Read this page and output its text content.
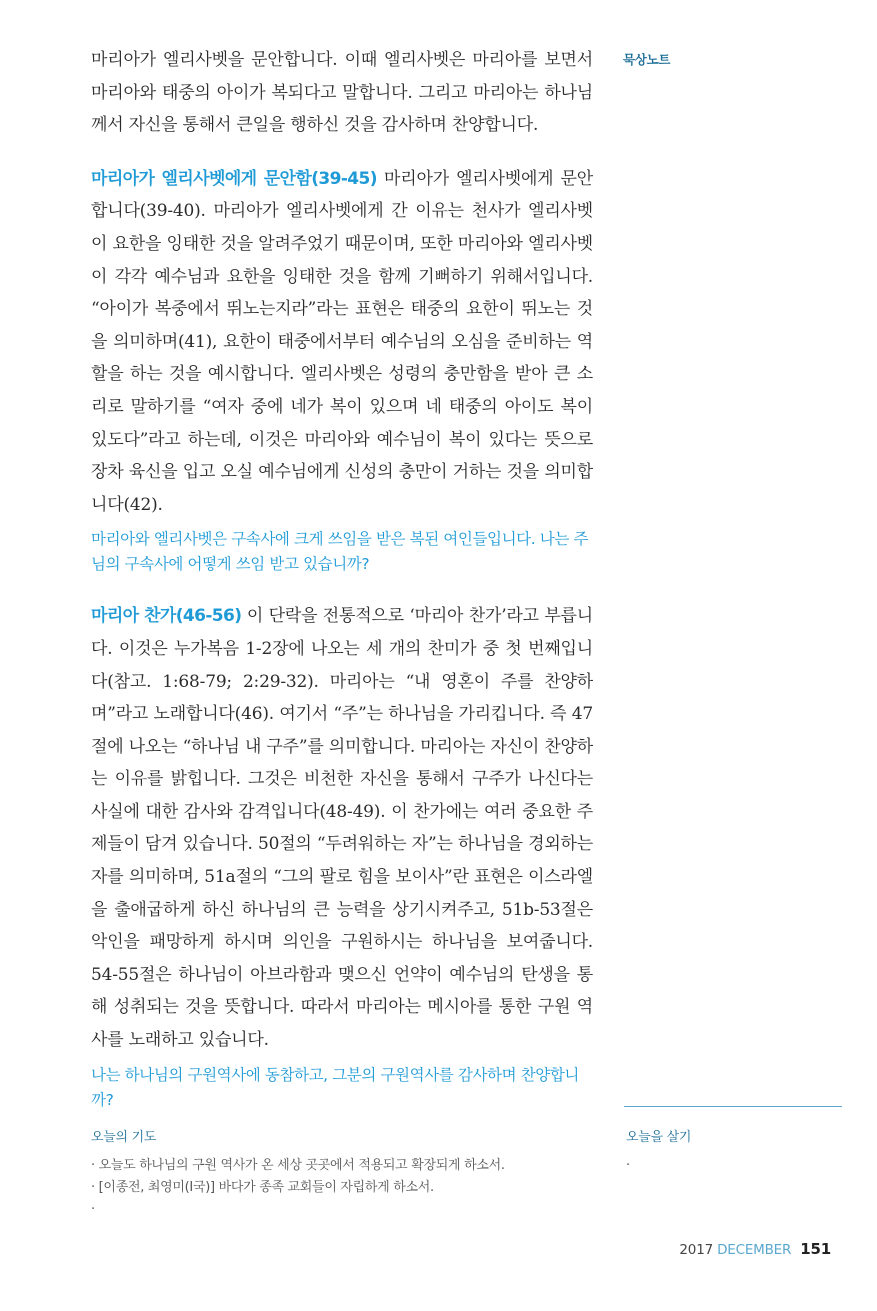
묵상노트

마리아가 엘리사벳을 문안합니다. 이때 엘리사벳은 마리아를 보면서 마리아와 태중의 아이가 복되다고 말합니다. 그리고 마리아는 하나님께서 자신을 통해서 큰일을 행하신 것을 감사하며 찬양합니다.

마리아가 엘리사벳에게 문안함(39-45) 마리아가 엘리사벳에게 문안합니다(39-40). 마리아가 엘리사벳에게 간 이유는 천사가 엘리사벳이 요한을 잉태한 것을 알려주었기 때문이며, 또한 마리아와 엘리사벳이 각각 예수님과 요한을 잉태한 것을 함께 기뻐하기 위해서입니다. “아이가 복중에서 뛰노는지라”라는 표현은 태중의 요한이 뛰노는 것을 의미하며(41), 요한이 태중에서부터 예수님의 오심을 준비하는 역할을 하는 것을 예시합니다. 엘리사벳은 성령의 충만함을 받아 큰 소리로 말하기를 “여자 중에 네가 복이 있으며 네 태중의 아이도 복이 있도다”라고 하는데, 이것은 마리아와 예수님이 복이 있다는 뜻으로 장차 육신을 입고 오실 예수님에게 신성의 충만이 거하는 것을 의미합니다(42).

마리아와 엘리사벳은 구속사에 크게 쓰임을 받은 복된 여인들입니다. 나는 주님의 구속사에 어떻게 쓰임 받고 있습니까?

마리아 찬가(46-56) 이 단락을 전통적으로 ‘마리아 찬가’라고 부릅니다. 이것은 누가복음 1-2장에 나오는 세 개의 찬미가 중 첫 번째입니다(참고. 1:68-79; 2:29-32). 마리아는 “내 영혼이 주를 찬양하며”라고 노래합니다(46). 여기서 “주”는 하나님을 가리킵니다. 즉 47절에 나오는 “하나님 내 구주”를 의미합니다. 마리아는 자신이 찬양하는 이유를 밝힙니다. 그것은 비천한 자신을 통해서 구주가 나신다는 사실에 대한 감사와 감격입니다(48-49). 이 찬가에는 여러 중요한 주제들이 담겨 있습니다. 50절의 “두려워하는 자”는 하나님을 경외하는 자를 의미하며, 51a절의 “그의 팔로 힘을 보이사”란 표현은 이스라엘을 출애굽하게 하신 하나님의 큰 능력을 상기시켜주고, 51b-53절은 악인을 패망하게 하시며 의인을 구원하시는 하나님을 보여줍니다. 54-55절은 하나님이 아브라함과 맺으신 언약이 예수님의 탄생을 통해 성취되는 것을 뜻합니다. 따라서 마리아는 메시아를 통한 구원 역사를 노래하고 있습니다.

나는 하나님의 구원역사에 동참하고, 그분의 구원역사를 감사하며 찬양합니까?

오늘의 기도

· 오늘도 하나님의 구원 역사가 온 세상 곳곳에서 적용되고 확장되게 하소서.

· [이종전, 최영미(I국)] 바다가 종족 교회들이 자립하게 하소서.

·

오늘을 살기

·

2017 DECEMBER 151
